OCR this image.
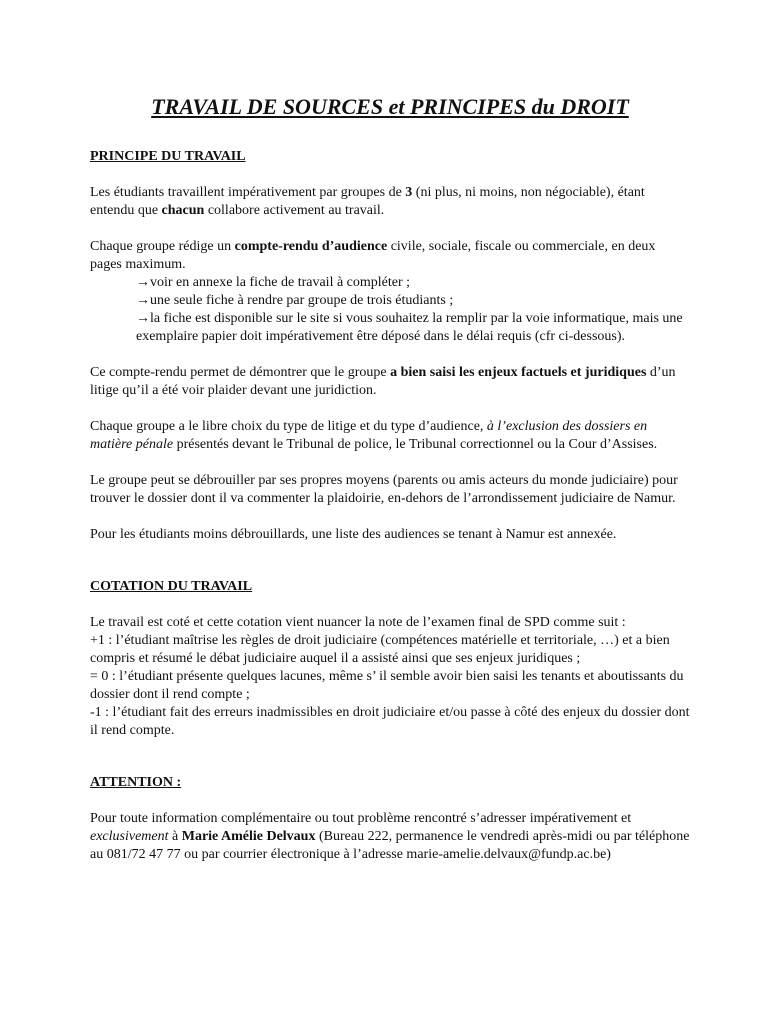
TRAVAIL DE SOURCES et PRINCIPES du DROIT
PRINCIPE DU TRAVAIL

Les étudiants travaillent impérativement par groupes de 3 (ni plus, ni moins, non négociable), étant entendu que chacun collabore activement au travail.

Chaque groupe rédige un compte-rendu d’audience civile, sociale, fiscale ou commerciale, en deux pages maximum.

→voir en annexe la fiche de travail à compléter ;
→une seule fiche à rendre par groupe de trois étudiants ;
→la fiche est disponible sur le site si vous souhaitez la remplir par la voie informatique, mais une exemplaire papier doit impérativement être déposé dans le délai requis (cfr ci-dessous).

Ce compte-rendu permet de démontrer que le groupe a bien saisi les enjeux factuels et juridiques d’un litige qu’il a été voir plaider devant une juridiction.

Chaque groupe a le libre choix du type de litige et du type d’audience, à l’exclusion des dossiers en matière pénale présentés devant le Tribunal de police, le Tribunal correctionnel ou la Cour d’Assises.

Le groupe peut se débrouiller par ses propres moyens (parents ou amis acteurs du monde judiciaire) pour trouver le dossier dont il va commenter la plaidoirie, en-dehors de l’arrondissement judiciaire de Namur.

Pour les étudiants moins débrouillards, une liste des audiences se tenant à Namur est annexée.

COTATION DU TRAVAIL

Le travail est coté et cette cotation vient nuancer la note de l’examen final de SPD comme suit :
+1 : l’étudiant maîtrise les règles de droit judiciaire (compétences matérielle et territoriale, …) et a bien compris et résumé le débat judiciaire auquel il a assisté ainsi que ses enjeux juridiques ;
= 0 : l’étudiant présente quelques lacunes, même s’ il semble avoir bien saisi les tenants et aboutissants du dossier dont il rend compte ;
-1 : l’étudiant fait des erreurs inadmissibles en droit judiciaire et/ou passe à côté des enjeux du dossier dont il rend compte.

ATTENTION :

Pour toute information complémentaire ou tout problème rencontré s’adresser impérativement et exclusivement à Marie Amélie Delvaux (Bureau 222, permanence le vendredi après-midi ou par téléphone au 081/72 47 77 ou par courrier électronique à l’adresse marie-amelie.delvaux@fundp.ac.be)
